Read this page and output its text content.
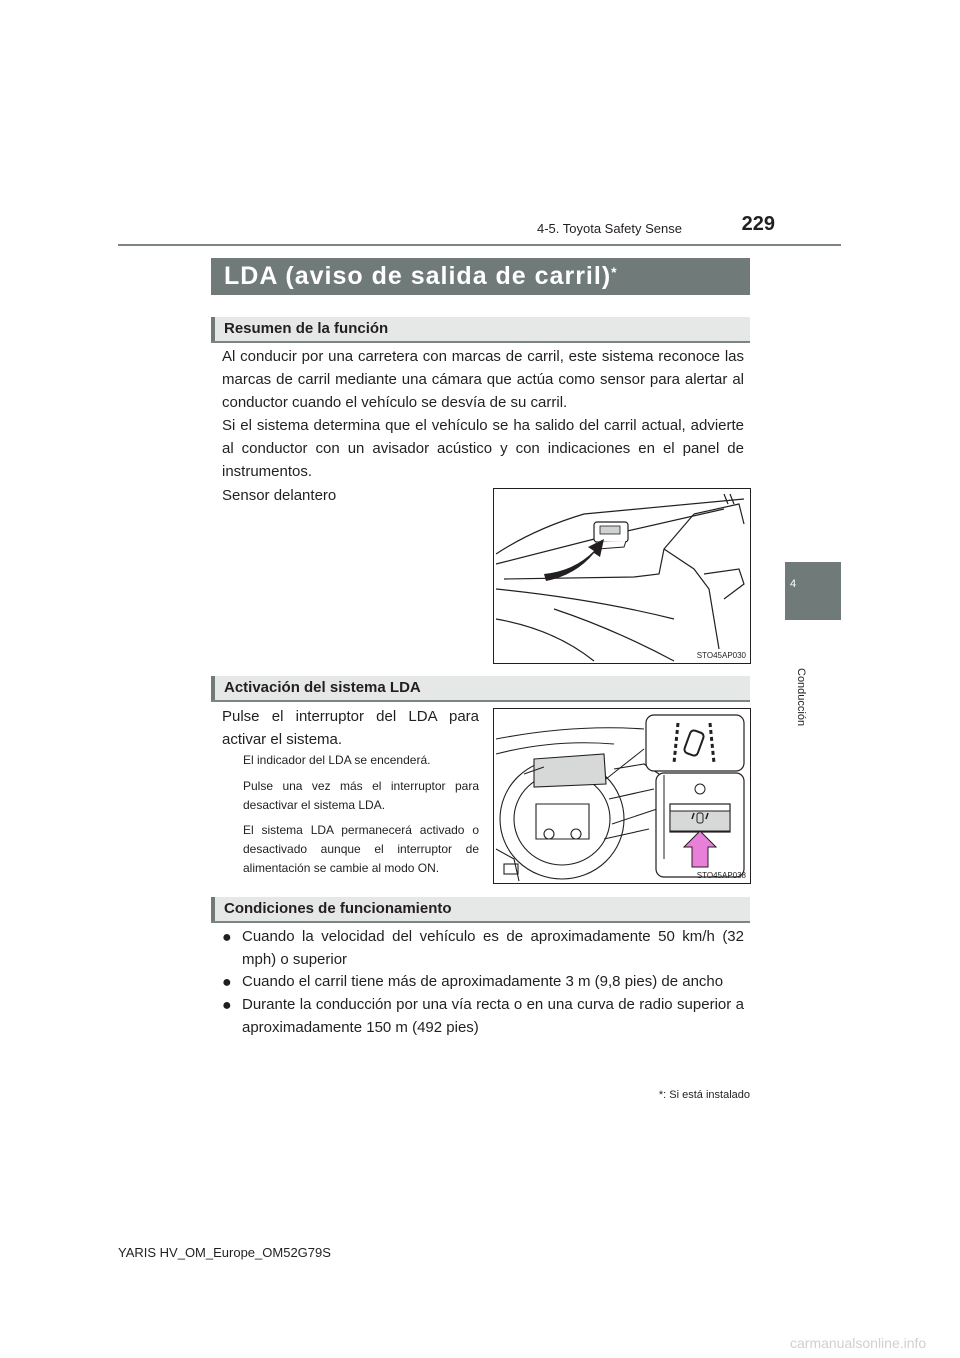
4-5. Toyota Safety Sense	229
4
Conducción
LDA (aviso de salida de carril)*
Resumen de la función
Al conducir por una carretera con marcas de carril, este sistema reconoce las marcas de carril mediante una cámara que actúa como sensor para alertar al conductor cuando el vehículo se desvía de su carril.
Si el sistema determina que el vehículo se ha salido del carril actual, advierte al conductor con un avisador acústico y con indicaciones en el panel de instrumentos.
Sensor delantero
STO45AP030
Activación del sistema LDA
Pulse el interruptor del LDA para activar el sistema.
El indicador del LDA se encenderá.
Pulse una vez más el interruptor para desactivar el sistema LDA.
El sistema LDA permanecerá activado o desactivado aunque el interruptor de alimentación se cambie al modo ON.
STO45AP038
Condiciones de funcionamiento
● Cuando la velocidad del vehículo es de aproximadamente 50 km/h (32 mph) o superior
● Cuando el carril tiene más de aproximadamente 3 m (9,8 pies) de ancho
● Durante la conducción por una vía recta o en una curva de radio superior a aproximadamente 150 m (492 pies)
*: Si está instalado
YARIS HV_OM_Europe_OM52G79S
carmanualsonline.info
